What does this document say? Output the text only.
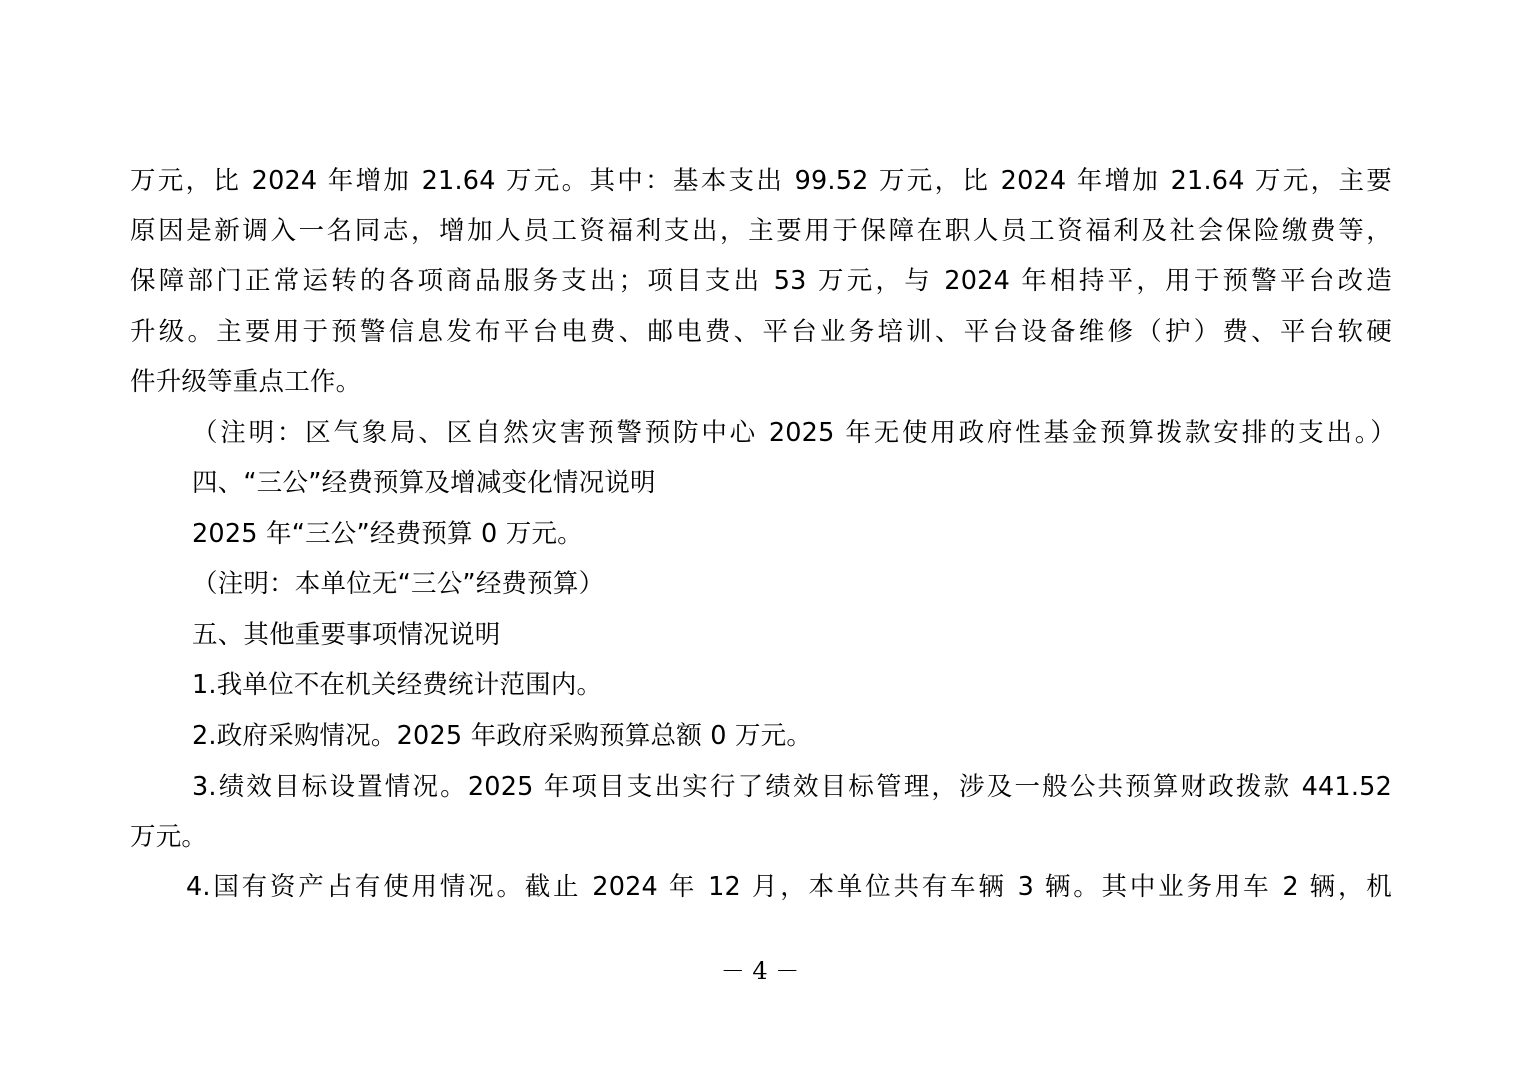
万元，比 2024 年增加 21.64 万元。其中：基本支出 99.52 万元，比 2024 年增加 21.64 万元，主要
原因是新调入一名同志，增加人员工资福利支出，主要用于保障在职人员工资福利及社会保险缴费等，
保障部门正常运转的各项商品服务支出；项目支出 53 万元，与 2024 年相持平，用于预警平台改造
升级。主要用于预警信息发布平台电费、邮电费、平台业务培训、平台设备维修（护）费、平台软硬
件升级等重点工作。
（注明：区气象局、区自然灾害预警预防中心 2025 年无使用政府性基金预算拨款安排的支出。）
四、“三公”经费预算及增减变化情况说明
2025 年“三公”经费预算 0 万元。
（注明：本单位无“三公”经费预算）
五、其他重要事项情况说明
1.我单位不在机关经费统计范围内。
2.政府采购情况。2025 年政府采购预算总额 0 万元。
3.绩效目标设置情况。2025 年项目支出实行了绩效目标管理，涉及一般公共预算财政拨款 441.52
万元。
4.国有资产占有使用情况。截止 2024 年 12 月，本单位共有车辆 3 辆。其中业务用车 2 辆，机
－ 4 －
